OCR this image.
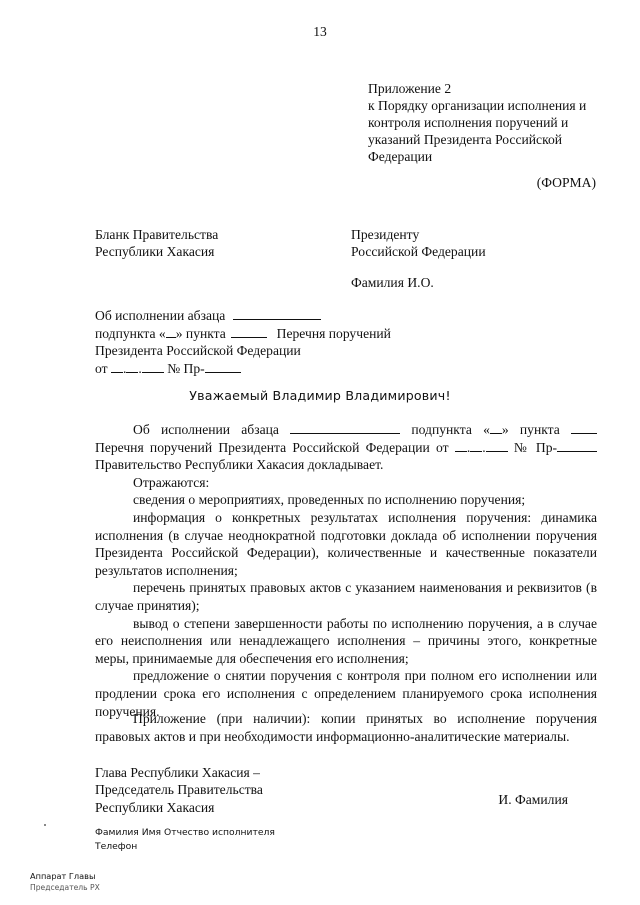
13
Приложение 2
к Порядку организации исполнения и
контроля исполнения поручений и
указаний Президента Российской
Федерации
(ФОРМА)
Бланк Правительства
Республики Хакасия
Президенту
Российской Федерации
Фамилия И.О.
Об исполнении абзаца
подпункта « » пункта	Перечня поручений
Президента Российской Федерации
от . . № Пр-
Уважаемый Владимир Владимирович!

Об исполнении абзаца	подпункта « » пункта

Перечня поручений Президента Российской Федерации от . . № Пр-

Правительство Республики Хакасия докладывает.

Отражаются:

сведения о мероприятиях, проведенных по исполнению поручения;

информация о конкретных результатах исполнения поручения: динамика исполнения (в случае неоднократной подготовки доклада об исполнении поручения Президента Российской Федерации), количественные и качественные показатели результатов исполнения;

перечень принятых правовых актов с указанием наименования и реквизитов (в случае принятия);

вывод о степени завершенности работы по исполнению поручения, а в случае его неисполнения или ненадлежащего исполнения – причины этого, конкретные меры, принимаемые для обеспечения его исполнения;

предложение о снятии поручения с контроля при полном его исполнении или продлении срока его исполнения с определением планируемого срока исполнения поручения.

Приложение (при наличии): копии принятых во исполнение поручения правовых актов и при необходимости информационно-аналитические материалы.

Глава Республики Хакасия –
Председатель Правительства
Республики Хакасия
И. Фамилия
Фамилия Имя Отчество исполнителя
Телефон
Аппарат Главы
Председатель РХ
